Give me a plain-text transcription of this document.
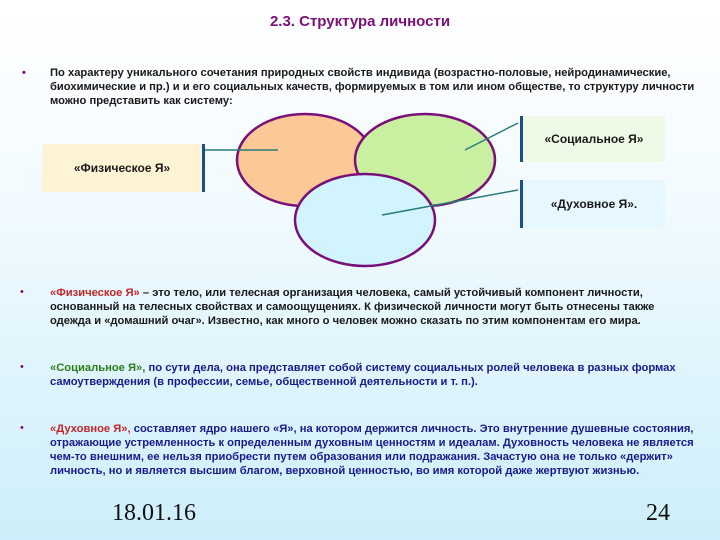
2.3. Структура личности
• По характеру уникального сочетания природных свойств индивида (возрастно-половые, нейродинамические, биохимические и пр.) и и его социальных качеств, формируемых в том или ином обществе, то структуру личности можно представить как систему:
«Физическое Я»
«Социальное Я»
«Духовное Я».
• «Физическое Я» – это тело, или телесная организация человека, самый устойчивый компонент личности, основанный на телесных свойствах и самоощущениях. К физической личности могут быть отнесены также одежда и «домашний очаг». Известно, как много о человек можно сказать по этим компонентам его мира.
• «Социальное Я», по сути дела, она представляет собой систему социальных ролей человека в разных формах самоутверждения (в профессии, семье, общественной деятельности и т. п.).
• «Духовное Я», составляет ядро нашего «Я», на котором держится личность. Это внутренние душевные состояния, отражающие устремленность к определенным духовным ценностям и идеалам. Духовность человека не является чем-то внешним, ее нельзя приобрести путем образования или подражания. Зачастую она не только «держит» личность, но и является высшим благом, верховной ценностью, во имя которой даже жертвуют жизнью.
18.01.16	24
